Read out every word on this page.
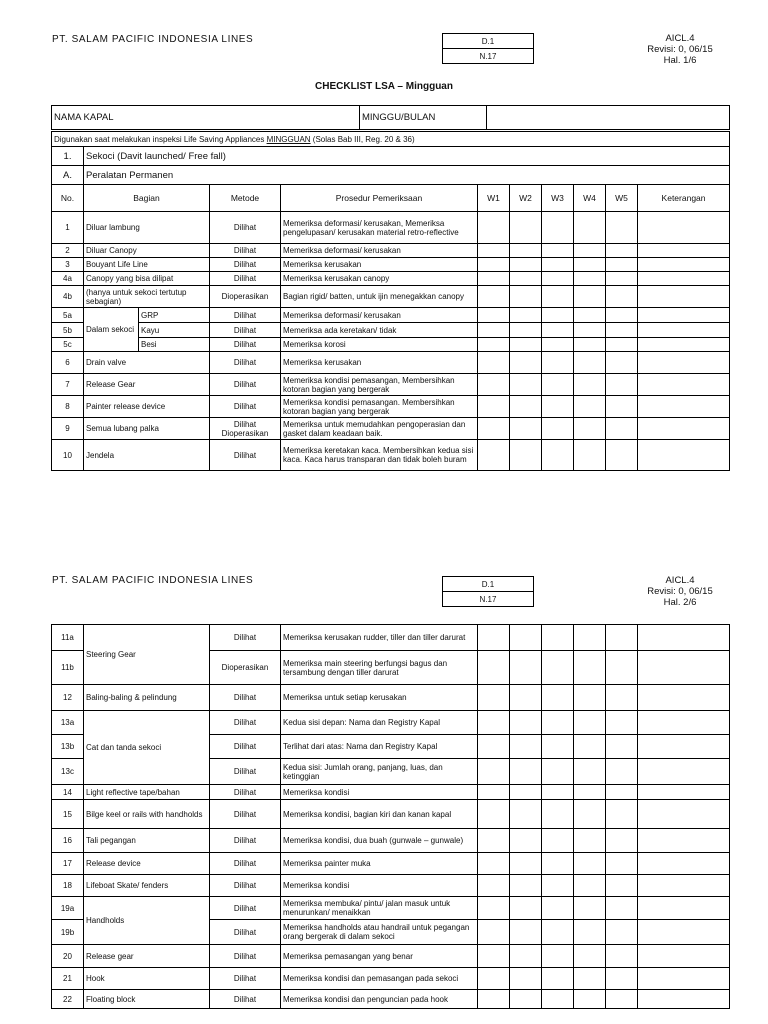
PT. SALAM PACIFIC INDONESIA LINES	D.1
N.17
AICL.4
Revisi: 0, 06/15
Hal. 1/6
CHECKLIST LSA – Mingguan
NAMA KAPAL	MINGGU/BULAN	
Digunakan saat melakukan inspeksi Life Saving Appliances MINGGUAN (Solas Bab III, Reg. 20 & 36)										
1.	Sekoci (Davit launched/ Free fall)									
A.	Peralatan Permanen									
No.	Bagian		Metode	Prosedur Pemeriksaan	W1	W2	W3	W4	W5	Keterangan
1	Diluar lambung		Dilihat	Memeriksa deformasi/ kerusakan, Memeriksa pengelupasan/ kerusakan material retro-reflective						
2	Diluar Canopy		Dilihat	Memeriksa deformasi/ kerusakan						
3	Bouyant Life Line		Dilihat	Memeriksa kerusakan						
4a	Canopy yang bisa dilipat		Dilihat	Memeriksa kerusakan canopy						
4b	(hanya untuk sekoci tertutup sebagian)		Dioperasikan	Bagian rigid/ batten, untuk ijin menegakkan canopy						
5a	Dalam sekoci	GRP	Dilihat	Memeriksa deformasi/ kerusakan						
5b		Kayu	Dilihat	Memeriksa ada keretakan/ tidak						
5c		Besi	Dilihat	Memeriksa korosi						
6	Drain valve		Dilihat	Memeriksa kerusakan						
7	Release Gear		Dilihat	Memeriksa kondisi pemasangan, Membersihkan kotoran bagian yang bergerak						
8	Painter release device		Dilihat	Memeriksa kondisi pemasangan. Membersihkan kotoran bagian yang bergerak						
9	Semua lubang palka		Dilihat Dioperasikan	Memeriksa untuk memudahkan pengoperasian dan gasket dalam keadaan baik.						
10	Jendela		Dilihat	Memeriksa keretakan kaca. Membersihkan kedua sisi kaca. Kaca harus transparan dan tidak boleh buram						
PT. SALAM PACIFIC INDONESIA LINES	D.1
N.17
AICL.4
Revisi: 0, 06/15
Hal. 2/6
11a	Steering Gear	Dilihat	Memeriksa kerusakan rudder, tiller dan tiller darurat						
11b		Dioperasikan	Memeriksa main steering berfungsi bagus dan tersambung dengan tiller darurat						
12	Baling-baling & pelindung	Dilihat	Memeriksa untuk setiap kerusakan						
13a	Cat dan tanda sekoci	Dilihat	Kedua sisi depan: Nama dan Registry Kapal						
13b		Dilihat	Terlihat dari atas: Nama dan Registry Kapal						
13c		Dilihat	Kedua sisi: Jumlah orang, panjang, luas, dan ketinggian						
14	Light reflective tape/bahan	Dilihat	Memeriksa kondisi						
15	Bilge keel or rails with handholds	Dilihat	Memeriksa kondisi, bagian kiri dan kanan kapal						
16	Tali pegangan	Dilihat	Memeriksa kondisi, dua buah (gunwale – gunwale)						
17	Release device	Dilihat	Memeriksa painter muka						
18	Lifeboat Skate/ fenders	Dilihat	Memeriksa kondisi						
19a	Handholds	Dilihat	Memeriksa membuka/ pintu/ jalan masuk untuk menurunkan/ menaikkan						
19b		Dilihat	Memeriksa handholds atau handrail untuk pegangan orang bergerak di dalam sekoci						
20	Release gear	Dilihat	Memeriksa pemasangan yang benar						
21	Hook	Dilihat	Memeriksa kondisi dan pemasangan pada sekoci						
22	Floating block	Dilihat	Memeriksa kondisi dan penguncian pada hook						
